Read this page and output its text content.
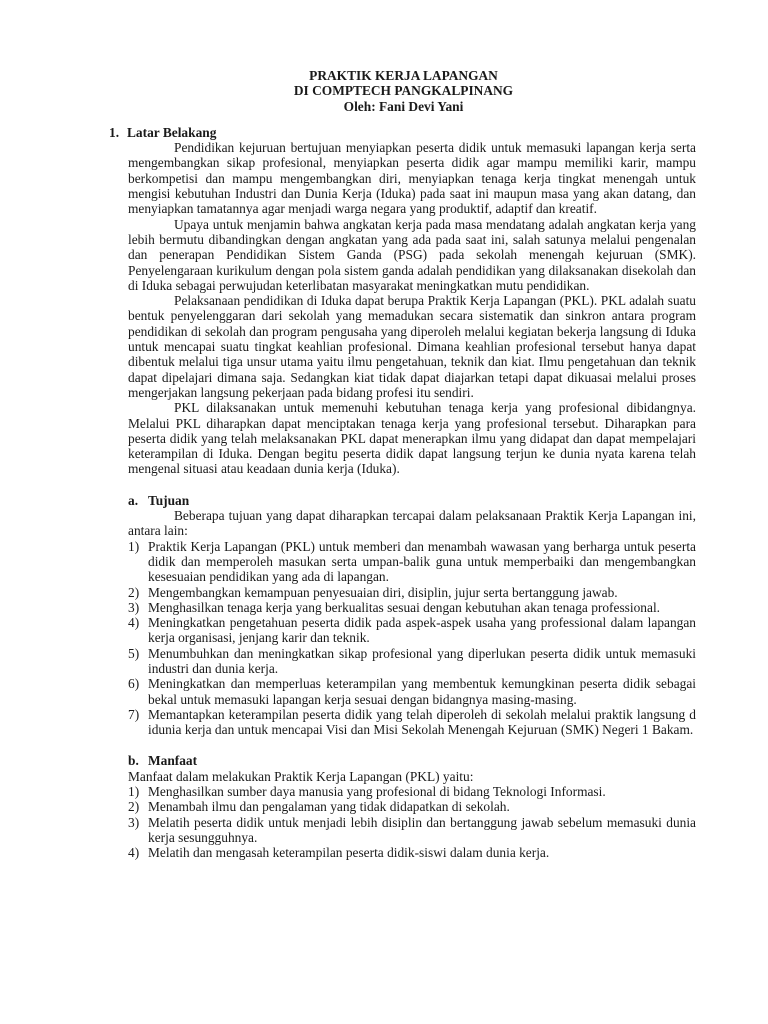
PRAKTIK KERJA LAPANGAN
DI COMPTECH PANGKALPINANG
Oleh: Fani Devi Yani
1. Latar Belakang
Pendidikan kejuruan bertujuan menyiapkan peserta didik untuk memasuki lapangan kerja serta mengembangkan sikap profesional, menyiapkan peserta didik agar mampu memiliki karir, mampu berkompetisi dan mampu mengembangkan diri, menyiapkan tenaga kerja tingkat menengah untuk mengisi kebutuhan Industri dan Dunia Kerja (Iduka) pada saat ini maupun masa yang akan datang, dan menyiapkan tamatannya agar menjadi warga negara yang produktif, adaptif dan kreatif.
Upaya untuk menjamin bahwa angkatan kerja pada masa mendatang adalah angkatan kerja yang lebih bermutu dibandingkan dengan angkatan yang ada pada saat ini, salah satunya melalui pengenalan dan penerapan Pendidikan Sistem Ganda (PSG) pada sekolah menengah kejuruan (SMK). Penyelengaraan kurikulum dengan pola sistem ganda adalah pendidikan yang dilaksanakan disekolah dan di Iduka sebagai perwujudan keterlibatan masyarakat meningkatkan mutu pendidikan.
Pelaksanaan pendidikan di Iduka dapat berupa Praktik Kerja Lapangan (PKL). PKL adalah suatu bentuk penyelenggaran dari sekolah yang memadukan secara sistematik dan sinkron antara program pendidikan di sekolah dan program pengusaha yang diperoleh melalui kegiatan bekerja langsung di Iduka untuk mencapai suatu tingkat keahlian profesional. Dimana keahlian profesional tersebut hanya dapat dibentuk melalui tiga unsur utama yaitu ilmu pengetahuan, teknik dan kiat. Ilmu pengetahuan dan teknik dapat dipelajari dimana saja. Sedangkan kiat tidak dapat diajarkan tetapi dapat dikuasai melalui proses mengerjakan langsung pekerjaan pada bidang profesi itu sendiri.
PKL dilaksanakan untuk memenuhi kebutuhan tenaga kerja yang profesional dibidangnya. Melalui PKL diharapkan dapat menciptakan tenaga kerja yang profesional tersebut. Diharapkan para peserta didik yang telah melaksanakan PKL dapat menerapkan ilmu yang didapat dan dapat mempelajari keterampilan di Iduka. Dengan begitu peserta didik dapat langsung terjun ke dunia nyata karena telah mengenal situasi atau keadaan dunia kerja (Iduka).
a. Tujuan
Beberapa tujuan yang dapat diharapkan tercapai dalam pelaksanaan Praktik Kerja Lapangan ini, antara lain:
1) Praktik Kerja Lapangan (PKL) untuk memberi dan menambah wawasan yang berharga untuk peserta didik dan memperoleh masukan serta umpan-balik guna untuk memperbaiki dan mengembangkan kesesuaian pendidikan yang ada di lapangan.
2) Mengembangkan kemampuan penyesuaian diri, disiplin, jujur serta bertanggung jawab.
3) Menghasilkan tenaga kerja yang berkualitas sesuai dengan kebutuhan akan tenaga professional.
4) Meningkatkan pengetahuan peserta didik pada aspek-aspek usaha yang professional dalam lapangan kerja organisasi, jenjang karir dan teknik.
5) Menumbuhkan dan meningkatkan sikap profesional yang diperlukan peserta didik untuk memasuki industri dan dunia kerja.
6) Meningkatkan dan memperluas keterampilan yang membentuk kemungkinan peserta didik sebagai bekal untuk memasuki lapangan kerja sesuai dengan bidangnya masing-masing.
7) Memantapkan keterampilan peserta didik yang telah diperoleh di sekolah melalui praktik langsung d idunia kerja dan untuk mencapai Visi dan Misi Sekolah Menengah Kejuruan (SMK) Negeri 1 Bakam.
b. Manfaat
Manfaat dalam melakukan Praktik Kerja Lapangan (PKL) yaitu:
1) Menghasilkan sumber daya manusia yang profesional di bidang Teknologi Informasi.
2) Menambah ilmu dan pengalaman yang tidak didapatkan di sekolah.
3) Melatih peserta didik untuk menjadi lebih disiplin dan bertanggung jawab sebelum memasuki dunia kerja sesungguhnya.
4) Melatih dan mengasah keterampilan peserta didik-siswi dalam dunia kerja.
